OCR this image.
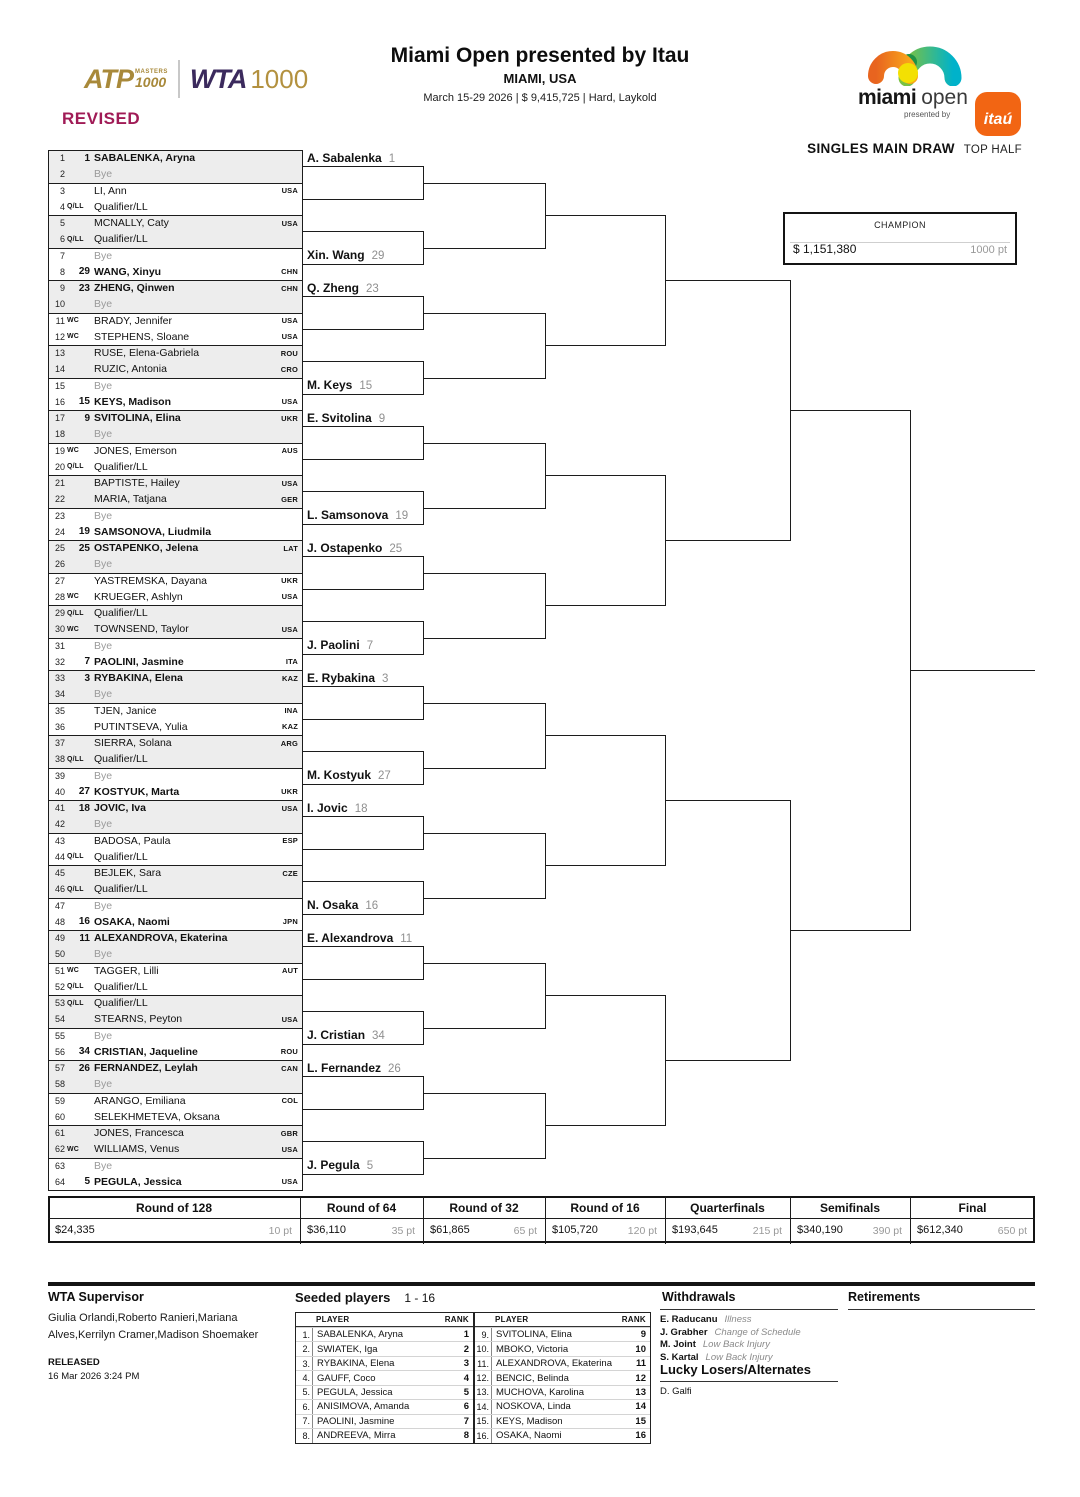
ATP MASTERS
1000 WTA 1000
REVISED
Miami Open presented by Itau
MIAMI, USA
March 15-29 2026 | $ 9,415,725 | Hard, Laykold	miami open
presented by itaú
SINGLES MAIN DRAW TOP HALF
CHAMPION
$ 1,151,380	1000 pt
1	1 SABALENKA, Aryna
2	Bye
3	LI, Ann	USA
4 Q/LL Qualifier/LL
5	MCNALLY, Caty	USA
6 Q/LL Qualifier/LL
7	Bye
8	29 WANG, Xinyu	CHN
9	23 ZHENG, Qinwen	CHN
10	Bye
11 WC	BRADY, Jennifer	USA
12 WC	STEPHENS, Sloane	USA
13	RUSE, Elena-Gabriela	ROU
14	RUZIC, Antonia	CRO
15	Bye
16	15 KEYS, Madison	USA
17	9 SVITOLINA, Elina	UKR
18	Bye
19 WC	JONES, Emerson	AUS
20 Q/LL Qualifier/LL
21	BAPTISTE, Hailey	USA
22	MARIA, Tatjana	GER
23	Bye
24	19 SAMSONOVA, Liudmila
25	25 OSTAPENKO, Jelena	LAT
26	Bye
27	YASTREMSKA, Dayana	UKR
28 WC	KRUEGER, Ashlyn	USA
29 Q/LL Qualifier/LL
30 WC	TOWNSEND, Taylor	USA
31	Bye
32	7 PAOLINI, Jasmine	ITA
33	3 RYBAKINA, Elena	KAZ
34	Bye
35	TJEN, Janice	INA
36	PUTINTSEVA, Yulia	KAZ
37	SIERRA, Solana	ARG
38 Q/LL Qualifier/LL
39	Bye
40	27 KOSTYUK, Marta	UKR
41	18 JOVIC, Iva	USA
42	Bye
43	BADOSA, Paula	ESP
44 Q/LL Qualifier/LL
45	BEJLEK, Sara	CZE
46 Q/LL Qualifier/LL
47	Bye
48	16 OSAKA, Naomi	JPN
49	11 ALEXANDROVA, Ekaterina
50	Bye
51 WC	TAGGER, Lilli	AUT
52 Q/LL Qualifier/LL
53 Q/LL Qualifier/LL
54	STEARNS, Peyton	USA
55	Bye
56	34 CRISTIAN, Jaqueline	ROU
57	26 FERNANDEZ, Leylah	CAN
58	Bye
59	ARANGO, Emiliana	COL
60	SELEKHMETEVA, Oksana
61	JONES, Francesca	GBR
62 WC	WILLIAMS, Venus	USA
63	Bye
64	5 PEGULA, Jessica	USA
A. Sabalenka 1
Xin. Wang 29
Q. Zheng 23
M. Keys 15
E. Svitolina 9
L. Samsonova 19
J. Ostapenko 25
J. Paolini 7
E. Rybakina 3
M. Kostyuk 27
I. Jovic 18
N. Osaka 16
E. Alexandrova 11
J. Cristian 34
L. Fernandez 26
J. Pegula 5
Round of 128
$24,335	10 pt
Round of 64
$36,110	35 pt
Round of 32
$61,865	65 pt
Round of 16
$105,720	120 pt
Quarterfinals
$193,645	215 pt
Semifinals
$340,190	390 pt
Final
$612,340	650 pt
WTA Supervisor
Giulia Orlandi,Roberto Ranieri,Mariana Alves,Kerrilyn Cramer,Madison Shoemaker
RELEASED
16 Mar 2026 3:24 PM
Seeded players 1 - 16
PLAYER	RANK
1. SABALENKA, Aryna	1
2. SWIATEK, Iga	2
3. RYBAKINA, Elena	3
4. GAUFF, Coco	4
5. PEGULA, Jessica	5
6. ANISIMOVA, Amanda	6
7. PAOLINI, Jasmine	7
8. ANDREEVA, Mirra	8
PLAYER	RANK
9. SVITOLINA, Elina	9
10. MBOKO, Victoria	10
11. ALEXANDROVA, Ekaterina	11
12. BENCIC, Belinda	12
13. MUCHOVA, Karolina	13
14. NOSKOVA, Linda	14
15. KEYS, Madison	15
16. OSAKA, Naomi	16
Withdrawals
E. Raducanu Illness
J. Grabher Change of Schedule
M. Joint Low Back Injury
S. Kartal Low Back Injury
Retirements
Lucky Losers/Alternates
D. Galfi
